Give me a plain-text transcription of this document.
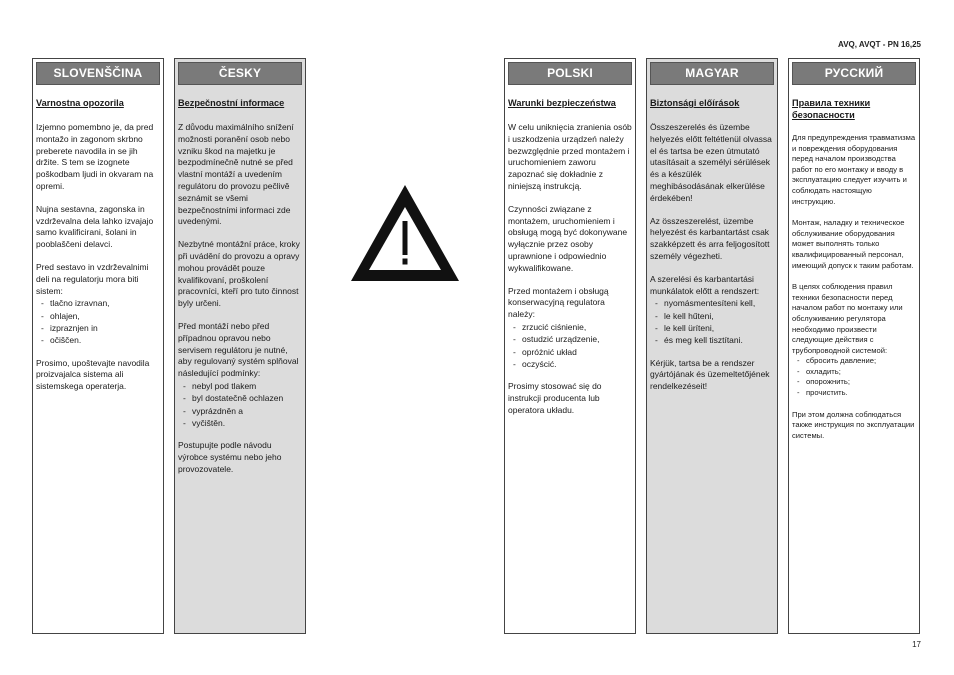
AVQ, AVQT - PN 16,25
SLOVENŠČINA
Varnostna opozorila

Izjemno pomembno je, da pred montažo in zagonom skrbno preberete navodila in se jih držite. S tem se izognete poškodbam ljudi in okvaram na opremi.

Nujna sestavna, zagonska in vzdrževalna dela lahko izvajajo samo kvalificirani, šolani in pooblaščeni delavci.

Pred sestavo in vzdrževalnimi deli na regulatorju mora biti sistem:

- tlačno izravnan,
- ohlajen,
- izpraznjen in
- očiščen.

Prosimo, upoštevajte navodila proizvajalca sistema ali sistemskega operaterja.

ČESKY
Bezpečnostní informace

Z důvodu maximálního snížení možnosti poranění osob nebo vzniku škod na majetku je bezpodmínečně nutné se před vlastní montáží a uvedením regulátoru do provozu pečlivě seznámit se všemi bezpečnostními informaci zde uvedenými.

Nezbytné montážní práce, kroky při uvádění do provozu a opravy mohou provádět pouze kvalifikovaní, proškolení pracovníci, kteří pro tuto činnost byly určeni.

Před montáží nebo před případnou opravou nebo servisem regulátoru je nutné, aby regulovaný systém splňoval následující podmínky:

- nebyl pod tlakem
- byl dostatečně ochlazen
- vyprázdněn a
- vyčištěn.

Postupujte podle návodu výrobce systému nebo jeho provozovatele.

POLSKI
Warunki bezpieczeństwa

W celu uniknięcia zranienia osób i uszkodzenia urządzeń należy bezwzględnie przed montażem i uruchomieniem zaworu zapoznać się dokładnie z niniejszą instrukcją.

Czynności związane z montażem, uruchomieniem i obsługą mogą być dokonywane wyłącznie przez osoby uprawnione i odpowiednio wykwalifikowane.

Przed montażem i obsługą konserwacyjną regulatora należy:

- zrzucić ciśnienie,
- ostudzić urządzenie,
- opróżnić układ
- oczyścić.

Prosimy stosować się do instrukcji producenta lub operatora układu.

MAGYAR
Biztonsági előírások

Összeszerelés és üzembe helyezés előtt feltétlenül olvassa el és tartsa be ezen útmutató utasításait a személyi sérülések és a készülék meghibásodásának elkerülése érdekében!

Az összeszerelést, üzembe helyezést és karbantartást csak szakképzett és arra feljogosított személy végezheti.

A szerelési és karbantartási munkálatok előtt a rendszert:

- nyomásmentesíteni kell,
- le kell hűteni,
- le kell üríteni,
- és meg kell tisztítani.

Kérjük, tartsa be a rendszer gyártójának és üzemeltetőjének rendelkezéseit!

РУССКИЙ
Правила техники безопасности

Для предупреждения травматизма и повреждения оборудования перед началом производства работ по его монтажу и вводу в эксплуатацию следует изучить и соблюдать настоящую инструкцию.

Монтаж, наладку и техническое обслуживание оборудования может выполнять только квалифицированный персонал, имеющий допуск к таким работам.

В целях соблюдения правил техники безопасности перед началом работ по монтажу или обслуживанию регулятора необходимо произвести следующие действия с трубопроводной системой:

- сбросить давление;
- охладить;
- опорожнить;
- прочистить.

При этом должна соблюдаться также инструкция по эксплуатации системы.

17
